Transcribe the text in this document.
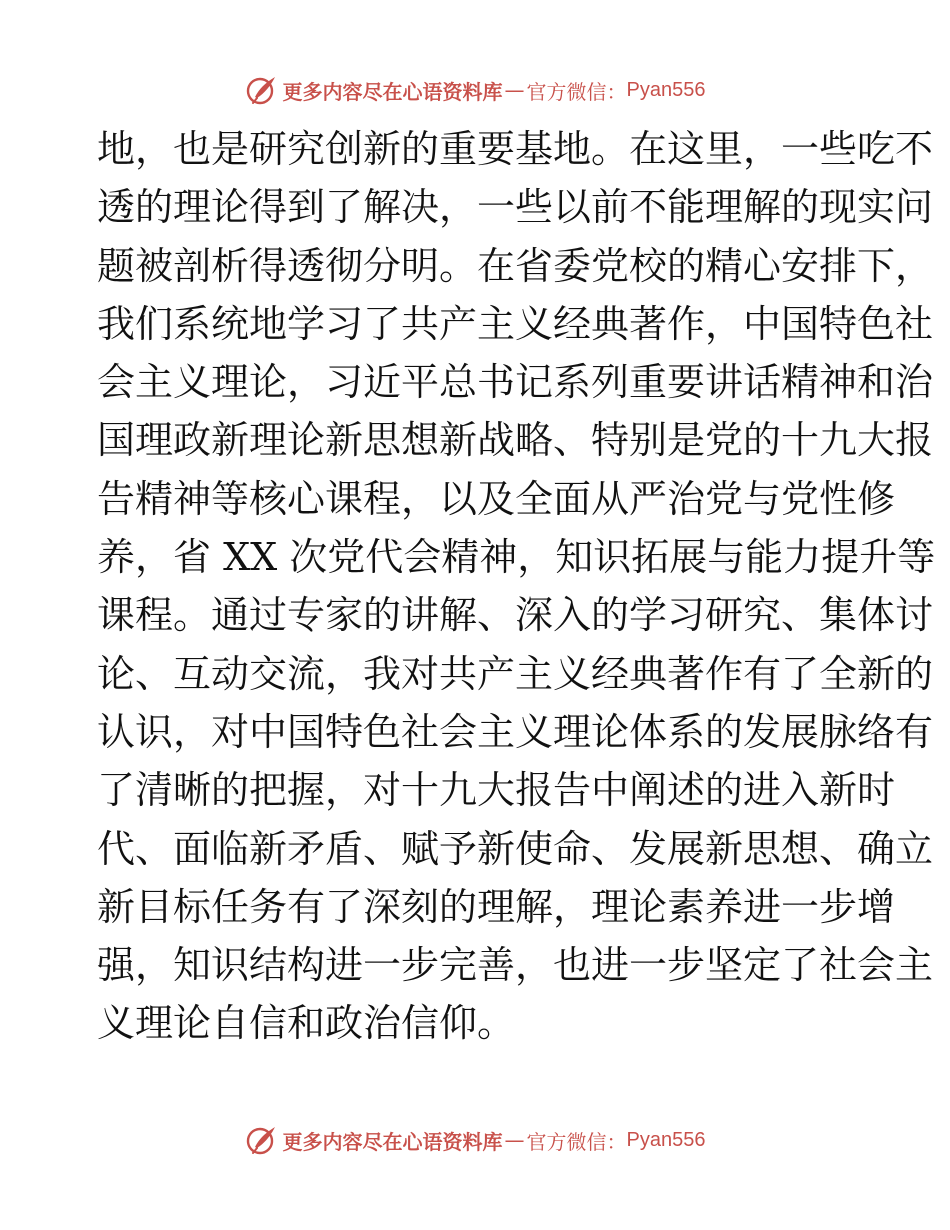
更多内容尽在心语资料库 — 官方微信： Pyan556
地，也是研究创新的重要基地。在这里，一些吃不
透的理论得到了解决，一些以前不能理解的现实问
题被剖析得透彻分明。在省委党校的精心安排下，
我们系统地学习了共产主义经典著作，中国特色社
会主义理论，习近平总书记系列重要讲话精神和治
国理政新理论新思想新战略、特别是党的十九大报
告精神等核心课程，以及全面从严治党与党性修
养，省 XX 次党代会精神，知识拓展与能力提升等
课程。通过专家的讲解、深入的学习研究、集体讨
论、互动交流，我对共产主义经典著作有了全新的
认识，对中国特色社会主义理论体系的发展脉络有
了清晰的把握，对十九大报告中阐述的进入新时
代、面临新矛盾、赋予新使命、发展新思想、确立
新目标任务有了深刻的理解，理论素养进一步增
强，知识结构进一步完善，也进一步坚定了社会主
义理论自信和政治信仰。
更多内容尽在心语资料库 — 官方微信： Pyan556
